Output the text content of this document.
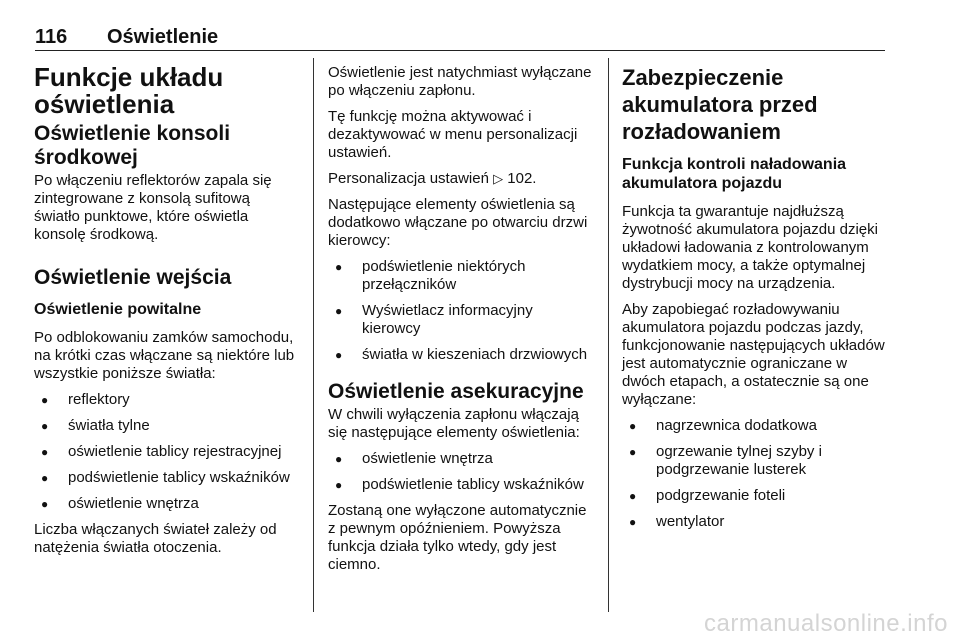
116 Oświetlenie
Funkcje układu oświetlenia
Oświetlenie konsoli środkowej

Po włączeniu reflektorów zapala się zintegrowane z konsolą sufitową światło punktowe, które oświetla konsolę środkową.

Oświetlenie wejścia
Oświetlenie powitalne

Po odblokowaniu zamków samochodu, na krótki czas włączane są niektóre lub wszystkie poniższe światła:

● reflektory
● światła tylne
● oświetlenie tablicy rejestracyjnej
● podświetlenie tablicy wskaźników
● oświetlenie wnętrza

Liczba włączanych świateł zależy od natężenia światła otoczenia.

Oświetlenie jest natychmiast wyłączane po włączeniu zapłonu.

Tę funkcję można aktywować i dezaktywować w menu personalizacji ustawień.

Personalizacja ustawień ▷ 102.

Następujące elementy oświetlenia są dodatkowo włączane po otwarciu drzwi kierowcy:

● podświetlenie niektórych przełączników
● Wyświetlacz informacyjny kierowcy
● światła w kieszeniach drzwiowych
Oświetlenie asekuracyjne

W chwili wyłączenia zapłonu włączają się następujące elementy oświetlenia:

● oświetlenie wnętrza
● podświetlenie tablicy wskaźników

Zostaną one wyłączone automatycznie z pewnym opóźnieniem. Powyższa funkcja działa tylko wtedy, gdy jest ciemno.

Zabezpieczenie akumulatora przed rozładowaniem
Funkcja kontroli naładowania akumulatora pojazdu

Funkcja ta gwarantuje najdłuższą żywotność akumulatora pojazdu dzięki układowi ładowania z kontrolowanym wydatkiem mocy, a także optymalnej dystrybucji mocy na urządzenia.

Aby zapobiegać rozładowywaniu akumulatora pojazdu podczas jazdy, funkcjonowanie następujących układów jest automatycznie ograniczane w dwóch etapach, a ostatecznie są one wyłączane:

● nagrzewnica dodatkowa
● ogrzewanie tylnej szyby i podgrzewanie lusterek
● podgrzewanie foteli
● wentylator
carmanualsonline.info
